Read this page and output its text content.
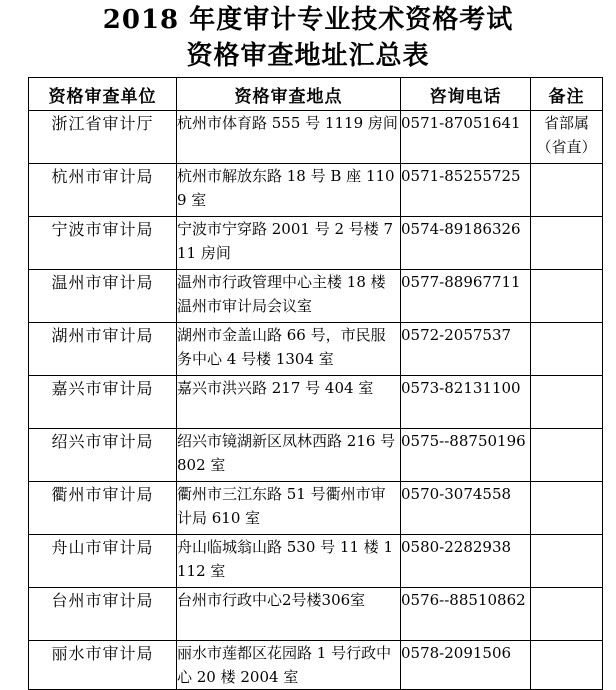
2018 年度审计专业技术资格考试
资格审查地址汇总表
资格审查单位	资格审查地点	咨询电话	备注
浙江省审计厅	杭州市体育路 555 号 1119 房间	0571-87051641	省部属（省直）
杭州市审计局	杭州市解放东路 18 号 B 座 1109 室	0571-85255725	
宁波市审计局	宁波市宁穿路 2001 号 2 号楼 711 房间	0574-89186326	
温州市审计局	温州市行政管理中心主楼 18 楼温州市审计局会议室	0577-88967711	
湖州市审计局	湖州市金盖山路 66 号，市民服务中心 4 号楼 1304 室	0572-2057537	
嘉兴市审计局	嘉兴市洪兴路 217 号 404 室	0573-82131100	
绍兴市审计局	绍兴市镜湖新区凤林西路 216 号 802 室	0575--88750196	
衢州市审计局	衢州市三江东路 51 号衢州市审计局 610 室	0570-3074558	
舟山市审计局	舟山临城翁山路 530 号 11 楼 1112 室	0580-2282938	
台州市审计局	台州市行政中心2号楼306室	0576--88510862	
丽水市审计局	丽水市莲都区花园路 1 号行政中心 20 楼 2004 室	0578-2091506	
